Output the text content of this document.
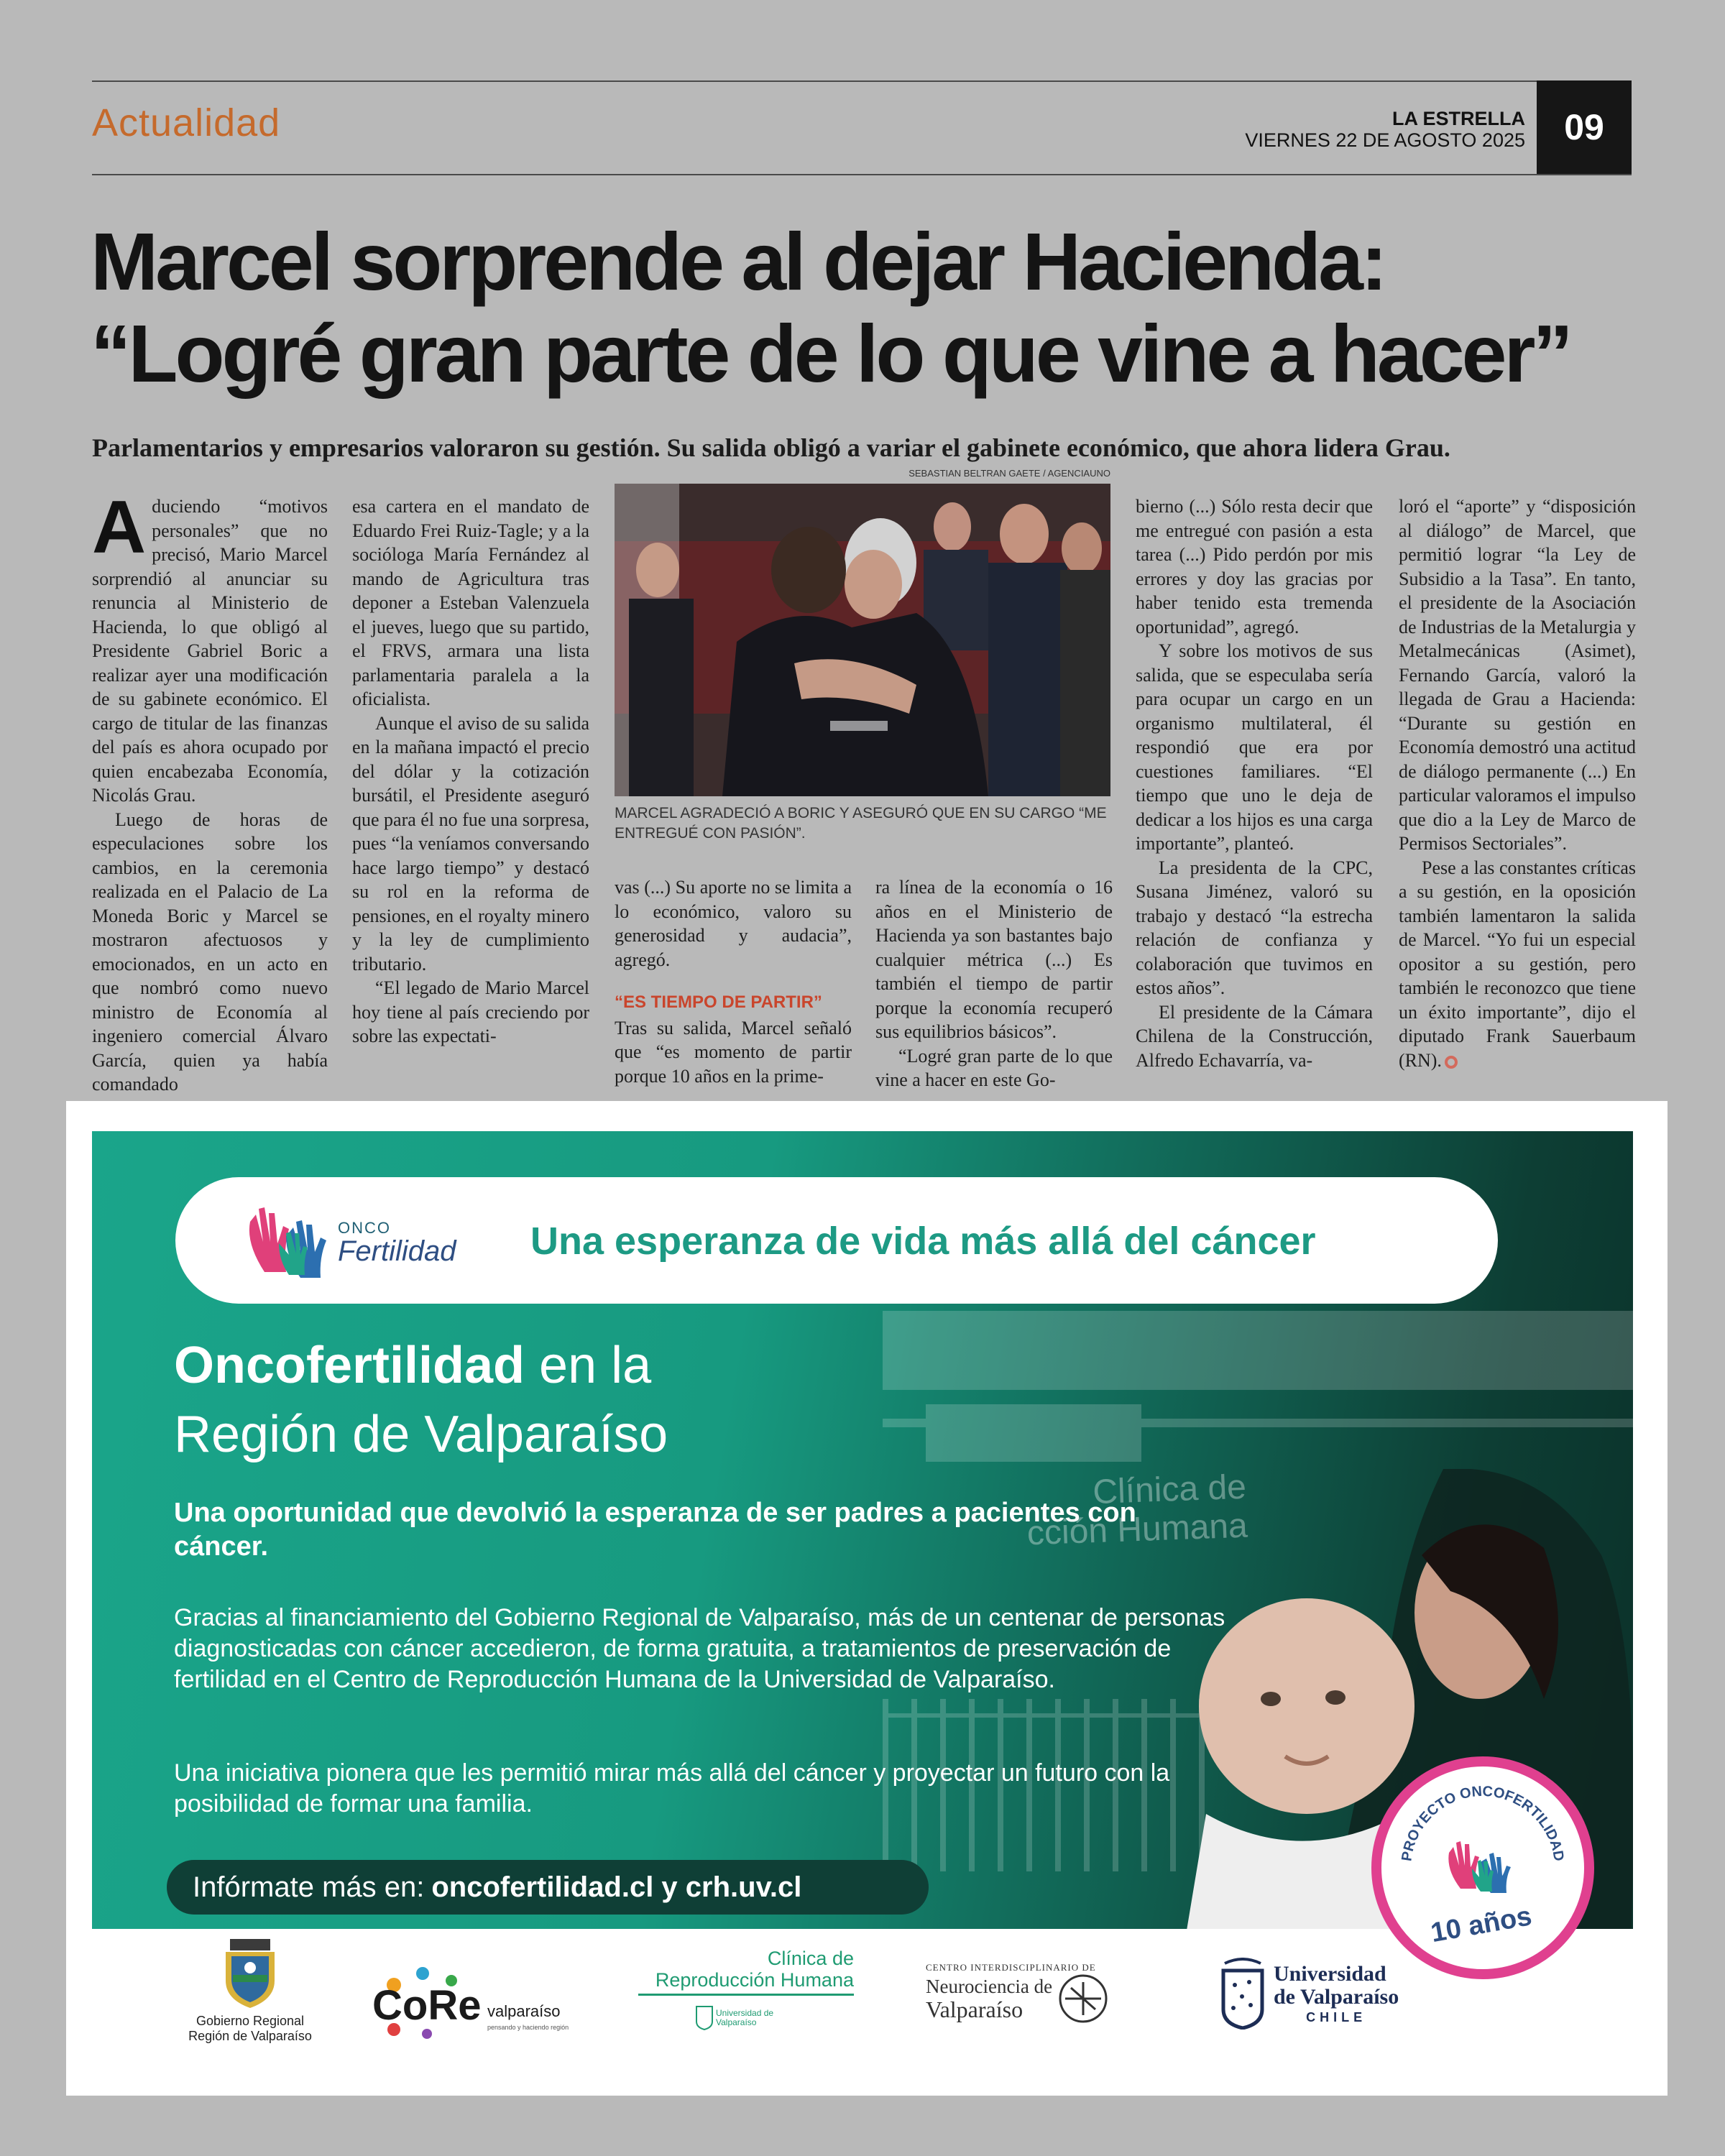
Actualidad	LA ESTRELLA
VIERNES 22 DE AGOSTO 2025	09
Marcel sorprende al dejar Hacienda:
“Logré gran parte de lo que vine a hacer”
Parlamentarios y empresarios valoraron su gestión. Su salida obligó a variar el gabinete económico, que ahora lidera Grau.

Aduciendo “motivos personales” que no precisó, Mario Marcel sorprendió al anunciar su renuncia al Ministerio de Hacienda, lo que obligó al Presidente Gabriel Boric a realizar ayer una modificación de su gabinete económico. El cargo de titular de las finanzas del país es ahora ocupado por quien encabezaba Economía, Nicolás Grau.

Luego de horas de especulaciones sobre los cambios, en la ceremonia realizada en el Palacio de La Moneda Boric y Marcel se mostraron afectuosos y emocionados, en un acto en que nombró como nuevo ministro de Economía al ingeniero comercial Álvaro García, quien ya había comandado

esa cartera en el mandato de Eduardo Frei Ruiz-Tagle; y a la socióloga María Fernández al mando de Agricultura tras deponer a Esteban Valenzuela el jueves, luego que su partido, el FRVS, armara una lista parlamentaria paralela a la oficialista.

Aunque el aviso de su salida en la mañana impactó el precio del dólar y la cotización bursátil, el Presidente aseguró que para él no fue una sorpresa, pues “la veníamos conversando hace largo tiempo” y destacó su rol en la reforma de pensiones, en el royalty minero y la ley de cumplimiento tributario.

“El legado de Mario Marcel hoy tiene al país creciendo por sobre las expectati-

SEBASTIAN BELTRAN GAETE / AGENCIAUNO
MARCEL AGRADECIÓ A BORIC Y ASEGURÓ QUE EN SU CARGO “ME ENTREGUÉ CON PASIÓN”.

vas (...) Su aporte no se limita a lo económico, valoro su generosidad y audacia”, agregó.

“ES TIEMPO DE PARTIR”

Tras su salida, Marcel señaló que “es momento de partir porque 10 años en la prime-

ra línea de la economía o 16 años en el Ministerio de Hacienda ya son bastantes bajo cualquier métrica (...) Es también el tiempo de partir porque la economía recuperó sus equilibrios básicos”.

“Logré gran parte de lo que vine a hacer en este Go-

bierno (...) Sólo resta decir que me entregué con pasión a esta tarea (...) Pido perdón por mis errores y doy las gracias por haber tenido esta tremenda oportunidad”, agregó.

Y sobre los motivos de sus salida, que se especulaba sería para ocupar un cargo en un organismo multilateral, él respondió que era por cuestiones familiares. “El tiempo que uno le deja de dedicar a los hijos es una carga importante”, planteó.

La presidenta de la CPC, Susana Jiménez, valoró su trabajo y destacó “la estrecha relación de confianza y colaboración que tuvimos en estos años”.

El presidente de la Cámara Chilena de la Construcción, Alfredo Echavarría, va-

loró el “aporte” y “disposición al diálogo” de Marcel, que permitió lograr “la Ley de Subsidio a la Tasa”. En tanto, el presidente de la Asociación de Industrias de la Metalurgia y Metalmecánicas (Asimet), Fernando García, valoró la llegada de Grau a Hacienda: “Durante su gestión en Economía demostró una actitud de diálogo permanente (...) En particular valoramos el impulso que dio a la Ley de Marco de Permisos Sectoriales”.

Pese a las constantes críticas a su gestión, en la oposición también lamentaron la salida de Marcel. “Yo fui un especial opositor a su gestión, pero también le reconozco que tiene un éxito importante”, dijo el diputado Frank Sauerbaum (RN).

Clínica de
cción Humana
ONCO
Fertilidad Una esperanza de vida más allá del cáncer
Oncofertilidad en la
Región de Valparaíso
Una oportunidad que devolvió la esperanza de ser padres a pacientes con cáncer.
Gracias al financiamiento del Gobierno Regional de Valparaíso, más de un centenar de personas diagnosticadas con cáncer accedieron, de forma gratuita, a tratamientos de preservación de fertilidad en el Centro de Reproducción Humana de la Universidad de Valparaíso.
Una iniciativa pionera que les permitió mirar más allá del cáncer y proyectar un futuro con la posibilidad de formar una familia.
Infórmate más en: oncofertilidad.cl y crh.uv.cl
PROYECTO ONCOFERTILIDAD
10 años
Gobierno Regional
Región de Valparaíso
CoRe valparaíso
pensando y haciendo región
Clínica de
Reproducción Humana
Universidad de Valparaíso
CENTRO INTERDISCIPLINARIO DE
Neurociencia de
Valparaíso
Universidad
de Valparaíso
CHILE
